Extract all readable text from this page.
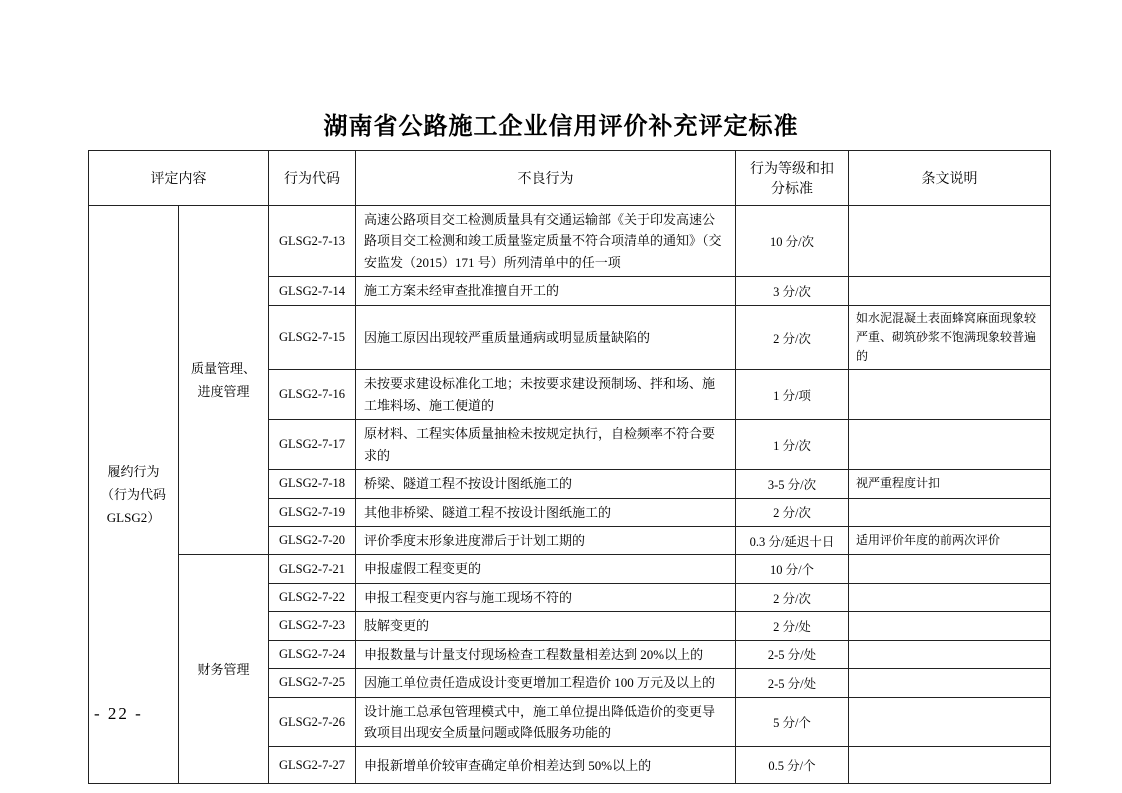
湖南省公路施工企业信用评价补充评定标准
评定内容		行为代码	不良行为	行为等级和扣分标准	条文说明
履约行为（行为代码 GLSG2）	质量管理、进度管理	GLSG2-7-13	高速公路项目交工检测质量具有交通运输部《关于印发高速公路项目交工检测和竣工质量鉴定质量不符合项清单的通知》（交安监发（2015）171 号）所列清单中的任一项	10 分/次	
		GLSG2-7-14	施工方案未经审查批准擅自开工的	3 分/次	
		GLSG2-7-15	因施工原因出现较严重质量通病或明显质量缺陷的	2 分/次	如水泥混凝土表面蜂窝麻面现象较严重、砌筑砂浆不饱满现象较普遍的
		GLSG2-7-16	未按要求建设标准化工地；未按要求建设预制场、拌和场、施工堆料场、施工便道的	1 分/项	
		GLSG2-7-17	原材料、工程实体质量抽检未按规定执行，自检频率不符合要求的	1 分/次	
		GLSG2-7-18	桥梁、隧道工程不按设计图纸施工的	3-5 分/次	视严重程度计扣
		GLSG2-7-19	其他非桥梁、隧道工程不按设计图纸施工的	2 分/次	
		GLSG2-7-20	评价季度末形象进度滞后于计划工期的	0.3 分/延迟十日	适用评价年度的前两次评价
	财务管理	GLSG2-7-21	申报虚假工程变更的	10 分/个	
		GLSG2-7-22	申报工程变更内容与施工现场不符的	2 分/次	
		GLSG2-7-23	肢解变更的	2 分/处	
		GLSG2-7-24	申报数量与计量支付现场检查工程数量相差达到 20%以上的	2-5 分/处	
		GLSG2-7-25	因施工单位责任造成设计变更增加工程造价 100 万元及以上的	2-5 分/处	
		GLSG2-7-26	设计施工总承包管理模式中，施工单位提出降低造价的变更导致项目出现安全质量问题或降低服务功能的	5 分/个	
		GLSG2-7-27	申报新增单价较审查确定单价相差达到 50%以上的	0.5 分/个	
- 22 -
